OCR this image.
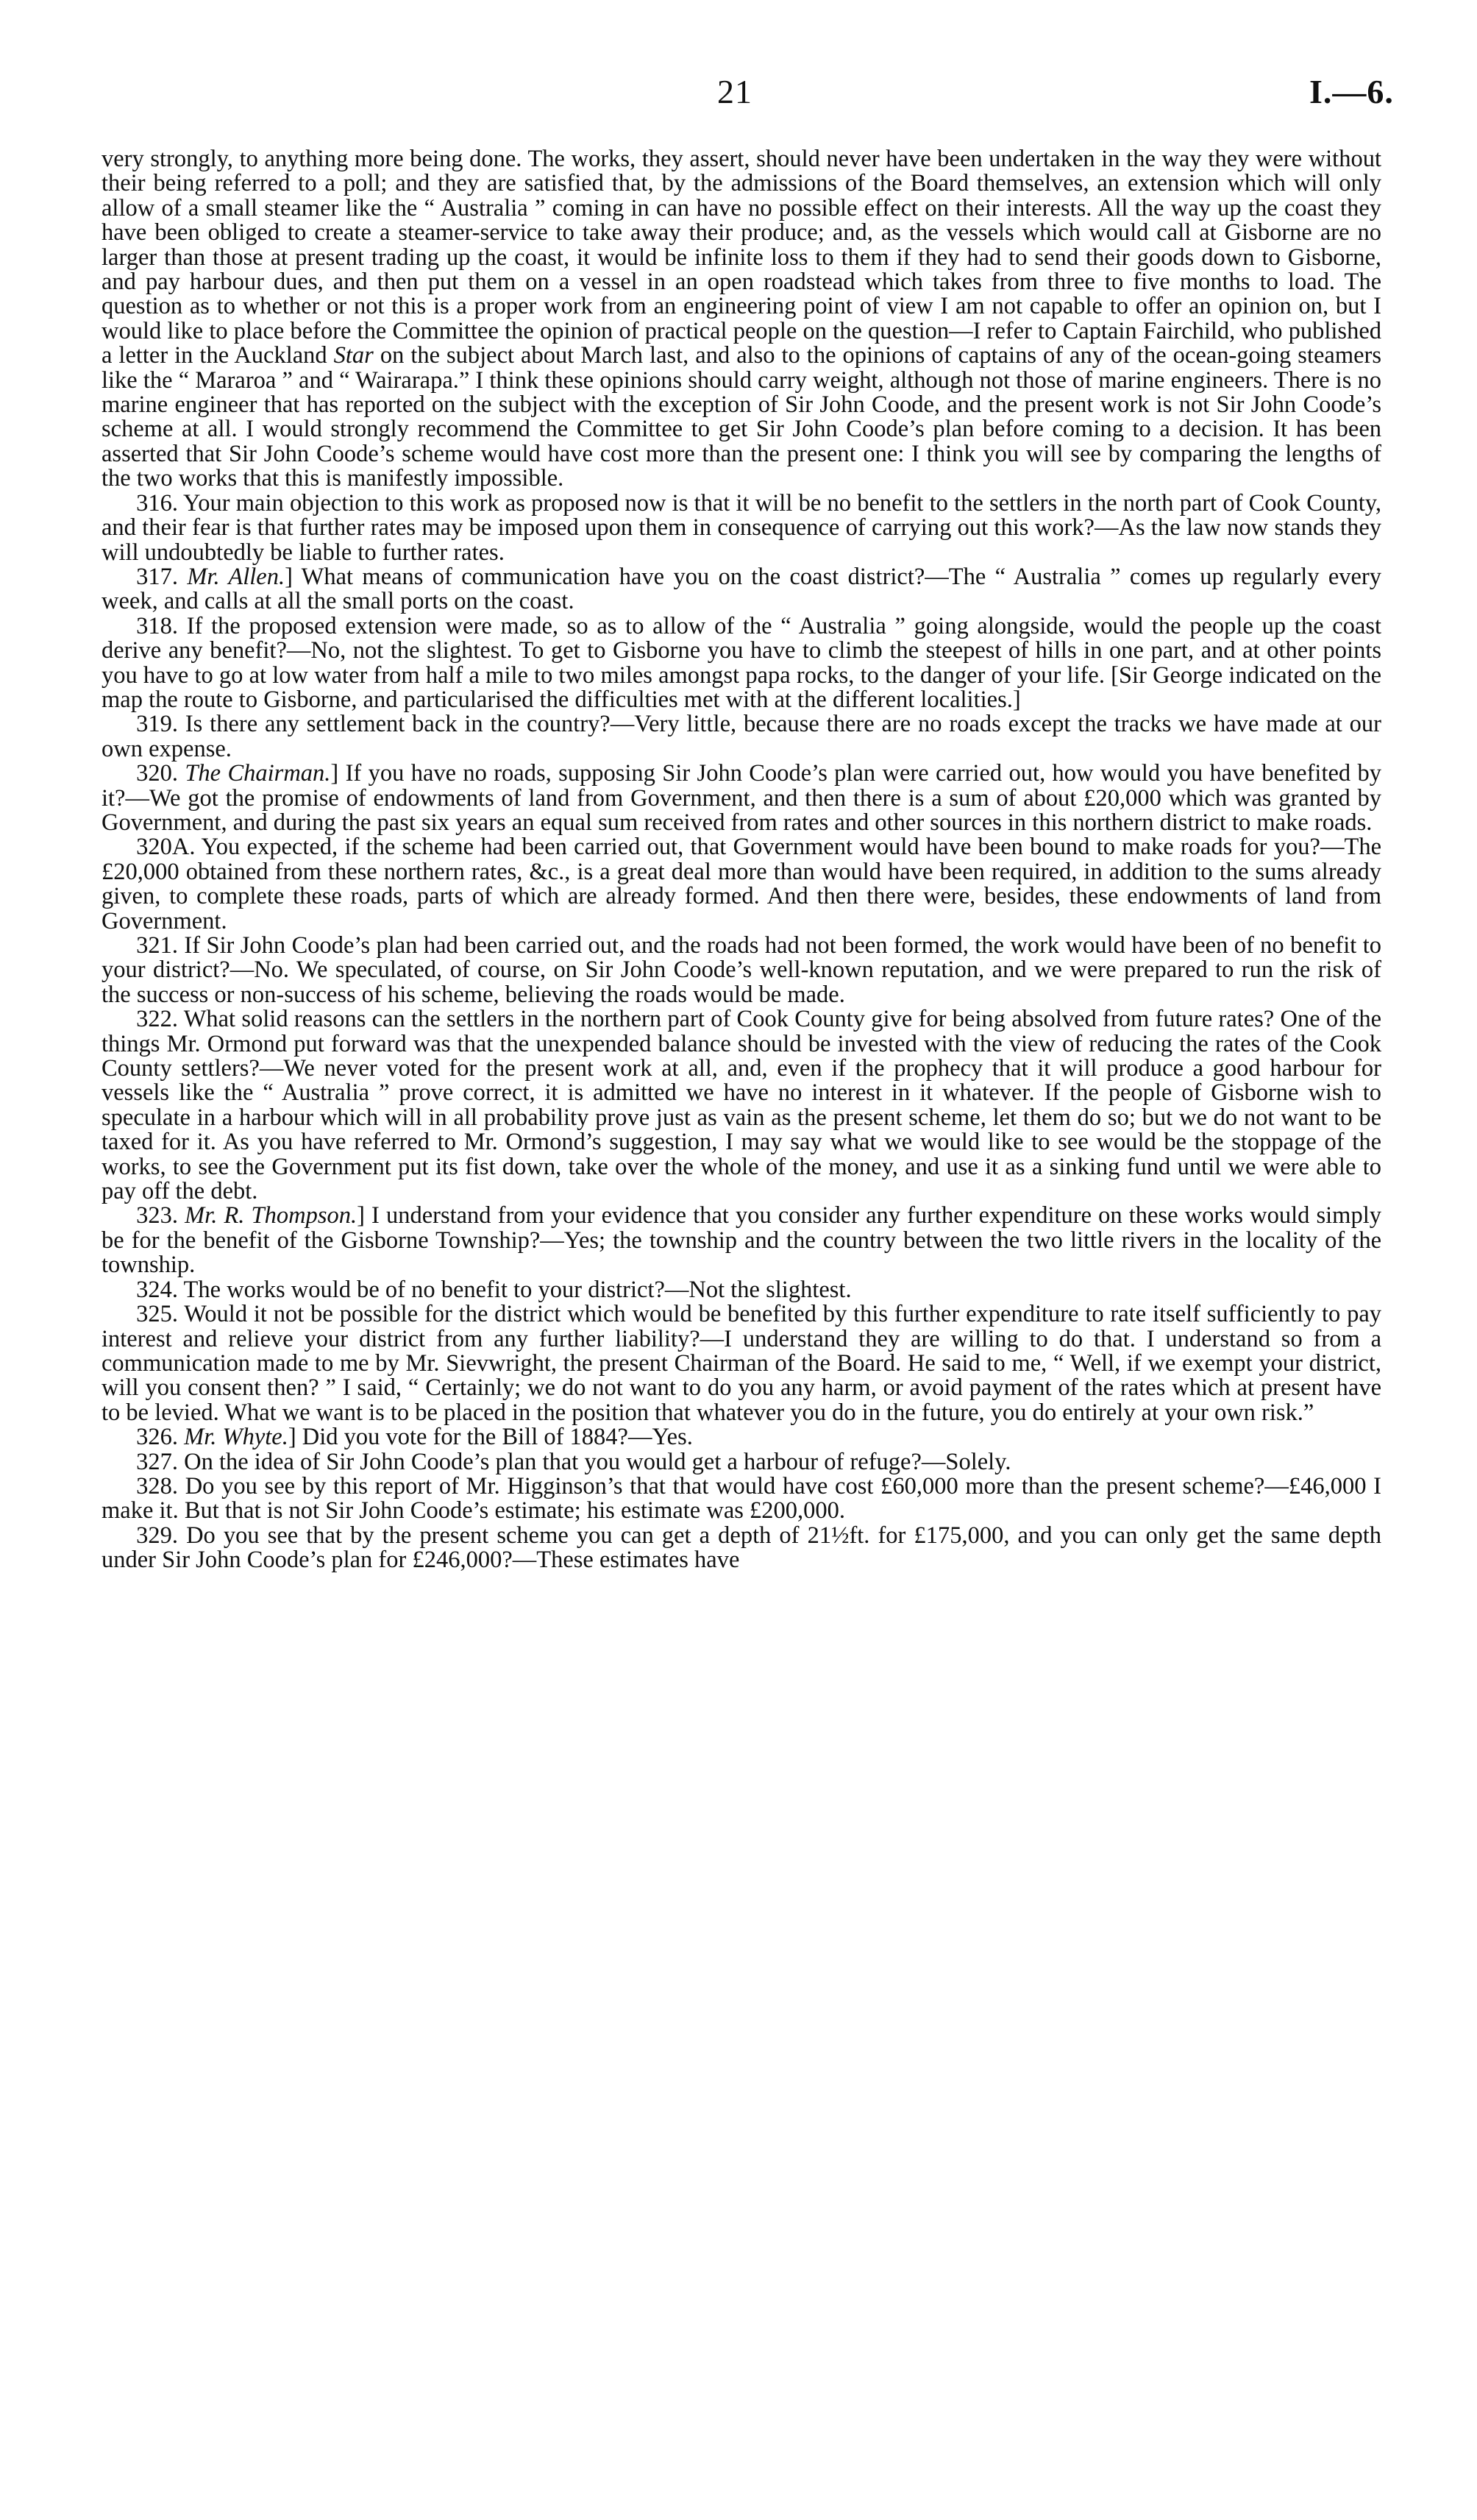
21	I.—6.

very strongly, to anything more being done. The works, they assert, should never have been undertaken in the way they were without their being referred to a poll; and they are satisfied that, by the admissions of the Board themselves, an extension which will only allow of a small steamer like the “ Australia ” coming in can have no possible effect on their interests. All the way up the coast they have been obliged to create a steamer-service to take away their produce; and, as the vessels which would call at Gisborne are no larger than those at present trading up the coast, it would be infinite loss to them if they had to send their goods down to Gisborne, and pay harbour dues, and then put them on a vessel in an open roadstead which takes from three to five months to load. The question as to whether or not this is a proper work from an engineering point of view I am not capable to offer an opinion on, but I would like to place before the Committee the opinion of practical people on the question—I refer to Captain Fairchild, who published a letter in the Auckland Star on the subject about March last, and also to the opinions of captains of any of the ocean-going steamers like the “ Mararoa ” and “ Wairarapa.” I think these opinions should carry weight, although not those of marine engineers. There is no marine engineer that has reported on the subject with the exception of Sir John Coode, and the present work is not Sir John Coode’s scheme at all. I would strongly recommend the Committee to get Sir John Coode’s plan before coming to a decision. It has been asserted that Sir John Coode’s scheme would have cost more than the present one: I think you will see by comparing the lengths of the two works that this is manifestly impossible.

316. Your main objection to this work as proposed now is that it will be no benefit to the settlers in the north part of Cook County, and their fear is that further rates may be imposed upon them in consequence of carrying out this work?—As the law now stands they will undoubtedly be liable to further rates.

317. Mr. Allen.] What means of communication have you on the coast district?—The “ Australia ” comes up regularly every week, and calls at all the small ports on the coast.

318. If the proposed extension were made, so as to allow of the “ Australia ” going alongside, would the people up the coast derive any benefit?—No, not the slightest. To get to Gisborne you have to climb the steepest of hills in one part, and at other points you have to go at low water from half a mile to two miles amongst papa rocks, to the danger of your life. [Sir George indicated on the map the route to Gisborne, and particularised the difficulties met with at the different localities.]

319. Is there any settlement back in the country?—Very little, because there are no roads except the tracks we have made at our own expense.

320. The Chairman.] If you have no roads, supposing Sir John Coode’s plan were carried out, how would you have benefited by it?—We got the promise of endowments of land from Government, and then there is a sum of about £20,000 which was granted by Government, and during the past six years an equal sum received from rates and other sources in this northern district to make roads.

320A. You expected, if the scheme had been carried out, that Government would have been bound to make roads for you?—The £20,000 obtained from these northern rates, &c., is a great deal more than would have been required, in addition to the sums already given, to complete these roads, parts of which are already formed. And then there were, besides, these endowments of land from Government.

321. If Sir John Coode’s plan had been carried out, and the roads had not been formed, the work would have been of no benefit to your district?—No. We speculated, of course, on Sir John Coode’s well-known reputation, and we were prepared to run the risk of the success or non-success of his scheme, believing the roads would be made.

322. What solid reasons can the settlers in the northern part of Cook County give for being absolved from future rates? One of the things Mr. Ormond put forward was that the unexpended balance should be invested with the view of reducing the rates of the Cook County settlers?—We never voted for the present work at all, and, even if the prophecy that it will produce a good harbour for vessels like the “ Australia ” prove correct, it is admitted we have no interest in it whatever. If the people of Gisborne wish to speculate in a harbour which will in all probability prove just as vain as the present scheme, let them do so; but we do not want to be taxed for it. As you have referred to Mr. Ormond’s suggestion, I may say what we would like to see would be the stoppage of the works, to see the Government put its fist down, take over the whole of the money, and use it as a sinking fund until we were able to pay off the debt.

323. Mr. R. Thompson.] I understand from your evidence that you consider any further expenditure on these works would simply be for the benefit of the Gisborne Township?—Yes; the township and the country between the two little rivers in the locality of the township.

324. The works would be of no benefit to your district?—Not the slightest.

325. Would it not be possible for the district which would be benefited by this further expenditure to rate itself sufficiently to pay interest and relieve your district from any further liability?—I understand they are willing to do that. I understand so from a communication made to me by Mr. Sievwright, the present Chairman of the Board. He said to me, “ Well, if we exempt your district, will you consent then? ” I said, “ Certainly; we do not want to do you any harm, or avoid payment of the rates which at present have to be levied. What we want is to be placed in the position that whatever you do in the future, you do entirely at your own risk.”

326. Mr. Whyte.] Did you vote for the Bill of 1884?—Yes.

327. On the idea of Sir John Coode’s plan that you would get a harbour of refuge?—Solely.

328. Do you see by this report of Mr. Higginson’s that that would have cost £60,000 more than the present scheme?—£46,000 I make it. But that is not Sir John Coode’s estimate; his estimate was £200,000.

329. Do you see that by the present scheme you can get a depth of 21½ft. for £175,000, and you can only get the same depth under Sir John Coode’s plan for £246,000?—These estimates have
